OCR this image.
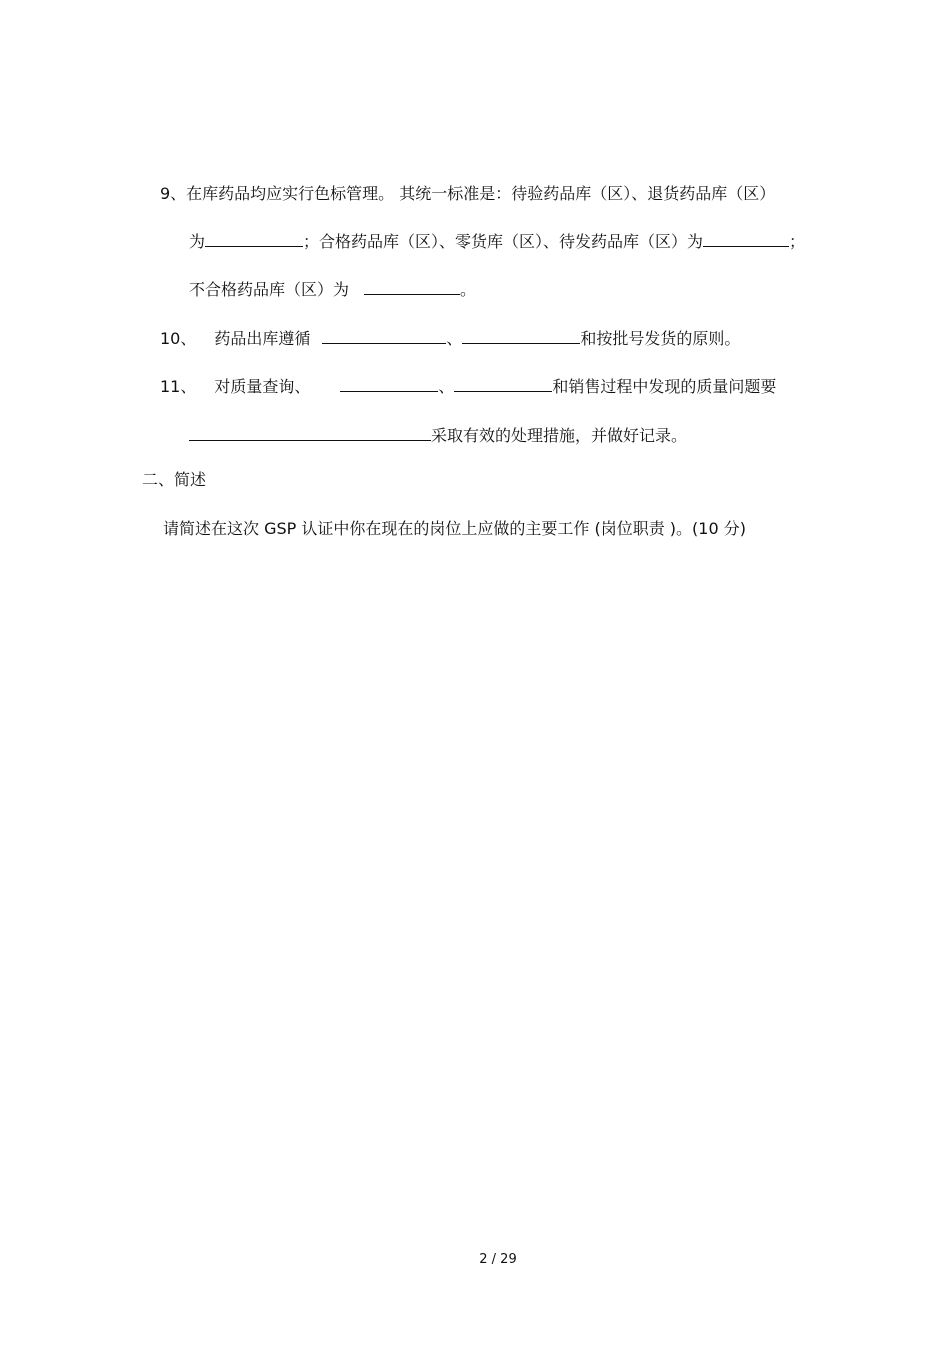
9、在库药品均应实行色标管理。 其统一标准是：待验药品库（区）、退货药品库（区）
为	；合格药品库（区）、零货库（区）、待发药品库（区）为	；
不合格药品库（区）为	。
10、 药品出库遵循	、	和按批号发货的原则。
11、 对质量查询、	、	和销售过程中发现的质量问题要
采取有效的处理措施，并做好记录。
二、简述
请简述在这次 GSP 认证中你在现在的岗位上应做的主要工作 (岗位职责 )。(10 分)
2 / 29
